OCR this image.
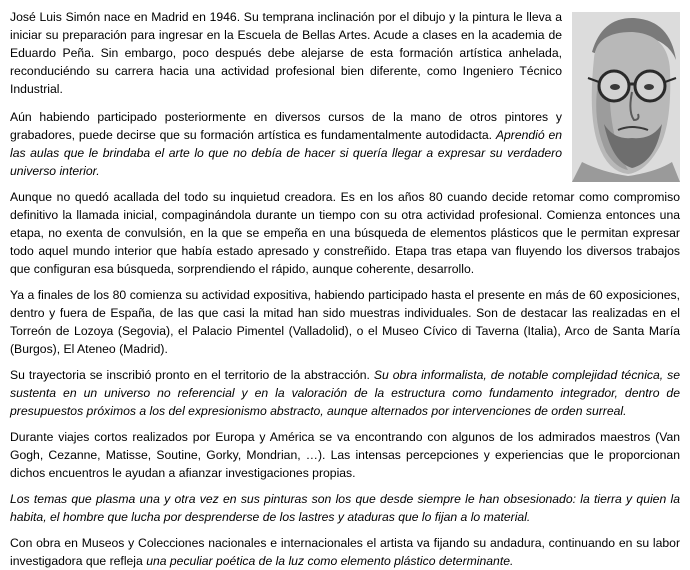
José Luis Simón nace en Madrid en 1946. Su temprana inclinación por el dibujo y la pintura le lleva a iniciar su preparación para ingresar en la Escuela de Bellas Artes. Acude a clases en la academia de Eduardo Peña. Sin embargo, poco después debe alejarse de esta formación artística anhelada, reconduciéndo su carrera hacia una actividad profesional bien diferente, como Ingeniero Técnico Industrial.

Aún habiendo participado posteriormente en diversos cursos de la mano de otros pintores y grabadores, puede decirse que su formación artística es fundamentalmente autodidacta. Aprendió en las aulas que le brindaba el arte lo que no debía de hacer si quería llegar a expresar su verdadero universo interior.

Aunque no quedó acallada del todo su inquietud creadora. Es en los años 80 cuando decide retomar como compromiso definitivo la llamada inicial, compaginándola durante un tiempo con su otra actividad profesional. Comienza entonces una etapa, no exenta de convulsión, en la que se empeña en una búsqueda de elementos plásticos que le permitan expresar todo aquel mundo interior que había estado apresado y constreñido. Etapa tras etapa van fluyendo los diversos trabajos que configuran esa búsqueda, sorprendiendo el rápido, aunque coherente, desarrollo.

Ya a finales de los 80 comienza su actividad expositiva, habiendo participado hasta el presente en más de 60 exposiciones, dentro y fuera de España, de las que casi la mitad han sido muestras individuales. Son de destacar las realizadas en el Torreón de Lozoya (Segovia), el Palacio Pimentel (Valladolid), o el Museo Cívico di Taverna (Italia), Arco de Santa María (Burgos), El Ateneo (Madrid).

Su trayectoria se inscribió pronto en el territorio de la abstracción. Su obra informalista, de notable complejidad técnica, se sustenta en un universo no referencial y en la valoración de la estructura como fundamento integrador, dentro de presupuestos próximos a los del expresionismo abstracto, aunque alternados por intervenciones de orden surreal.

Durante viajes cortos realizados por Europa y América se va encontrando con algunos de los admirados maestros (Van Gogh, Cezanne, Matisse, Soutine, Gorky, Mondrian, …). Las intensas percepciones y experiencias que le proporcionan dichos encuentros le ayudan a afianzar investigaciones propias.

Los temas que plasma una y otra vez en sus pinturas son los que desde siempre le han obsesionado: la tierra y quien la habita, el hombre que lucha por desprenderse de los lastres y ataduras que lo fijan a lo material.

Con obra en Museos y Colecciones nacionales e internacionales el artista va fijando su andadura, continuando en su labor investigadora que refleja una peculiar poética de la luz como elemento plástico determinante.
